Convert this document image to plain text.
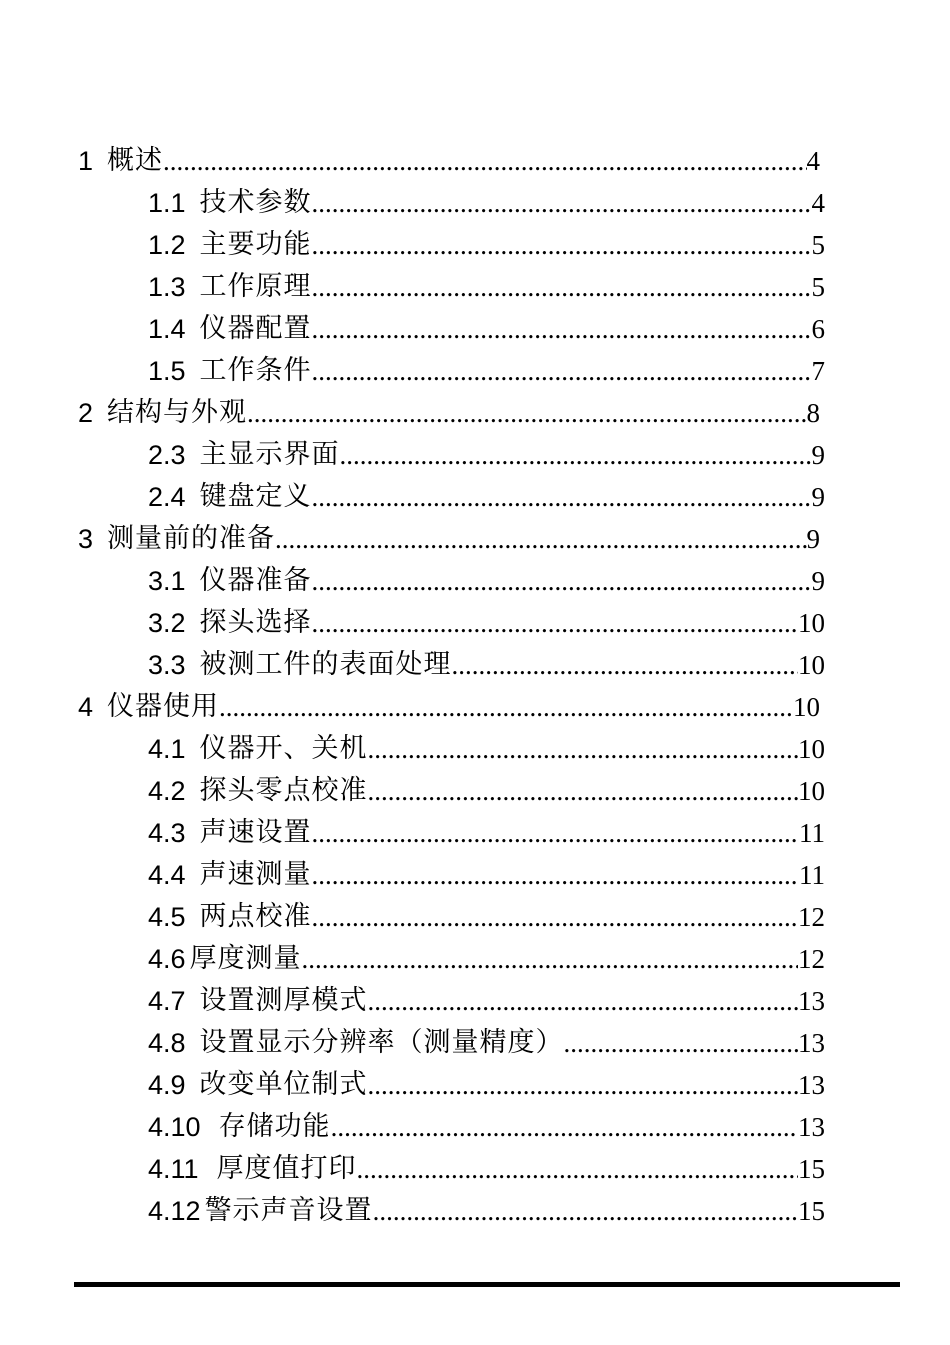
1 概述 .....	4
1.1 技术参数 .....	4
1.2 主要功能 .....	5
1.3 工作原理 .....	5
1.4 仪器配置 .....	6
1.5 工作条件 .....	7
2 结构与外观 .....	8
2.3 主显示界面 .....	9
2.4 键盘定义 .....	9
3 测量前的准备 .....	9
3.1 仪器准备 .....	9
3.2 探头选择 .....	10
3.3 被测工件的表面处理 .....	10
4 仪器使用 .....	10
4.1 仪器开、关机 .....	10
4.2 探头零点校准 .....	10
4.3 声速设置 .....	11
4.4 声速测量 .....	11
4.5 两点校准 .....	12
4.6 厚度测量 .....	12
4.7 设置测厚模式 .....	13
4.8 设置显示分辨率（测量精度） .....	13
4.9 改变单位制式 .....	13
4.10 存储功能 .....	13
4.11 厚度值打印 .....	15
4.12 警示声音设置 .....	15
